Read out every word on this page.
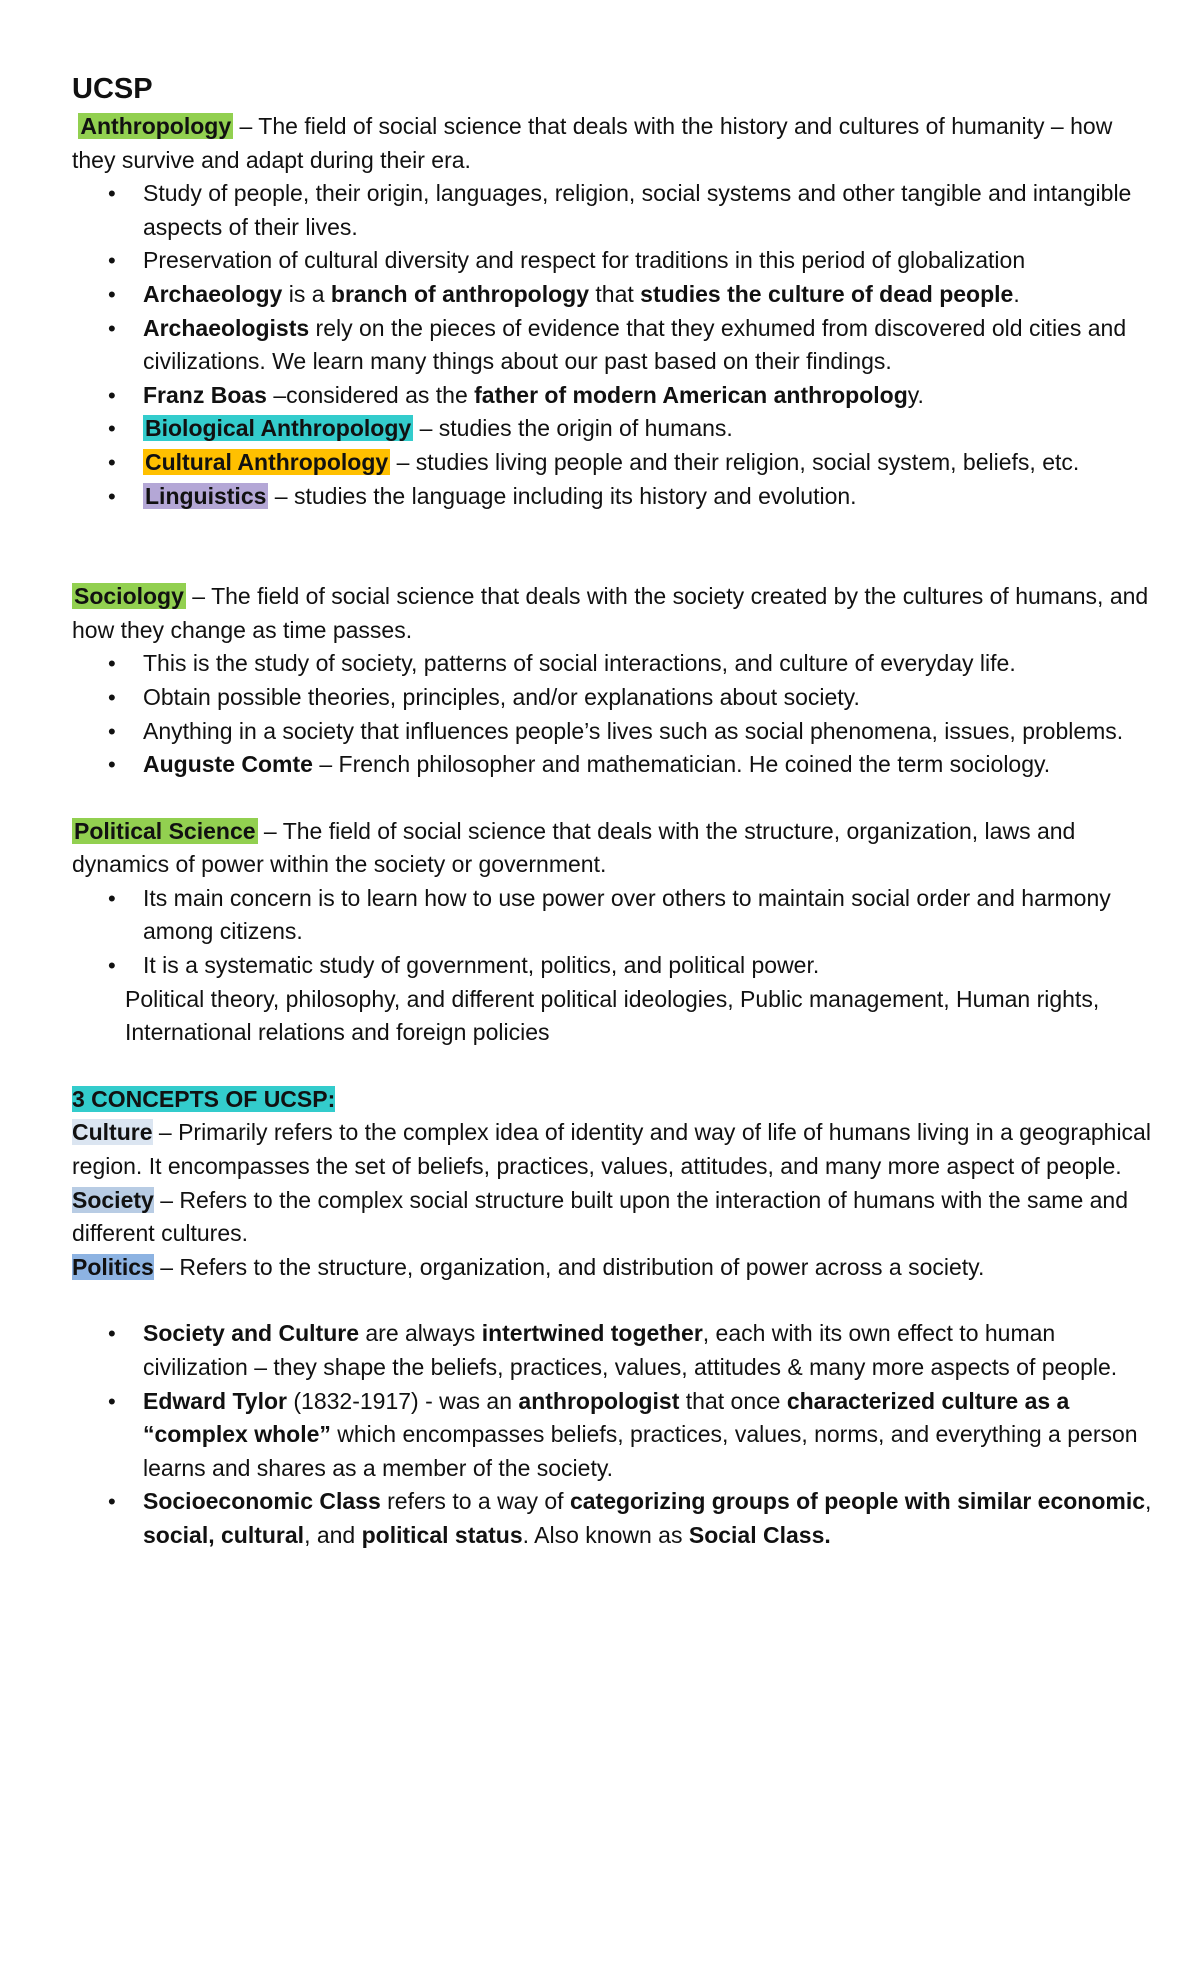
UCSP

Anthropology – The field of social science that deals with the history and cultures of humanity – how they survive and adapt during their era.

• Study of people, their origin, languages, religion, social systems and other tangible and intangible aspects of their lives.
• Preservation of cultural diversity and respect for traditions in this period of globalization
• Archaeology is a branch of anthropology that studies the culture of dead people.
• Archaeologists rely on the pieces of evidence that they exhumed from discovered old cities and civilizations. We learn many things about our past based on their findings.
• Franz Boas –considered as the father of modern American anthropology.
• Biological Anthropology – studies the origin of humans.
• Cultural Anthropology – studies living people and their religion, social system, beliefs, etc.
• Linguistics – studies the language including its history and evolution.

Sociology – The field of social science that deals with the society created by the cultures of humans, and how they change as time passes.

• This is the study of society, patterns of social interactions, and culture of everyday life.
• Obtain possible theories, principles, and/or explanations about society.
• Anything in a society that influences people’s lives such as social phenomena, issues, problems.
• Auguste Comte – French philosopher and mathematician. He coined the term sociology.

Political Science – The field of social science that deals with the structure, organization, laws and dynamics of power within the society or government.

• Its main concern is to learn how to use power over others to maintain social order and harmony among citizens.
• It is a systematic study of government, politics, and political power.

Political theory, philosophy, and different political ideologies, Public management, Human rights, International relations and foreign policies

3 CONCEPTS OF UCSP:

Culture – Primarily refers to the complex idea of identity and way of life of humans living in a geographical region. It encompasses the set of beliefs, practices, values, attitudes, and many more aspect of people.

Society – Refers to the complex social structure built upon the interaction of humans with the same and different cultures.

Politics – Refers to the structure, organization, and distribution of power across a society.

• Society and Culture are always intertwined together, each with its own effect to human civilization – they shape the beliefs, practices, values, attitudes & many more aspects of people.
• Edward Tylor (1832-1917) - was an anthropologist that once characterized culture as a “complex whole” which encompasses beliefs, practices, values, norms, and everything a person learns and shares as a member of the society.
• Socioeconomic Class refers to a way of categorizing groups of people with similar economic, social, cultural, and political status. Also known as Social Class.
